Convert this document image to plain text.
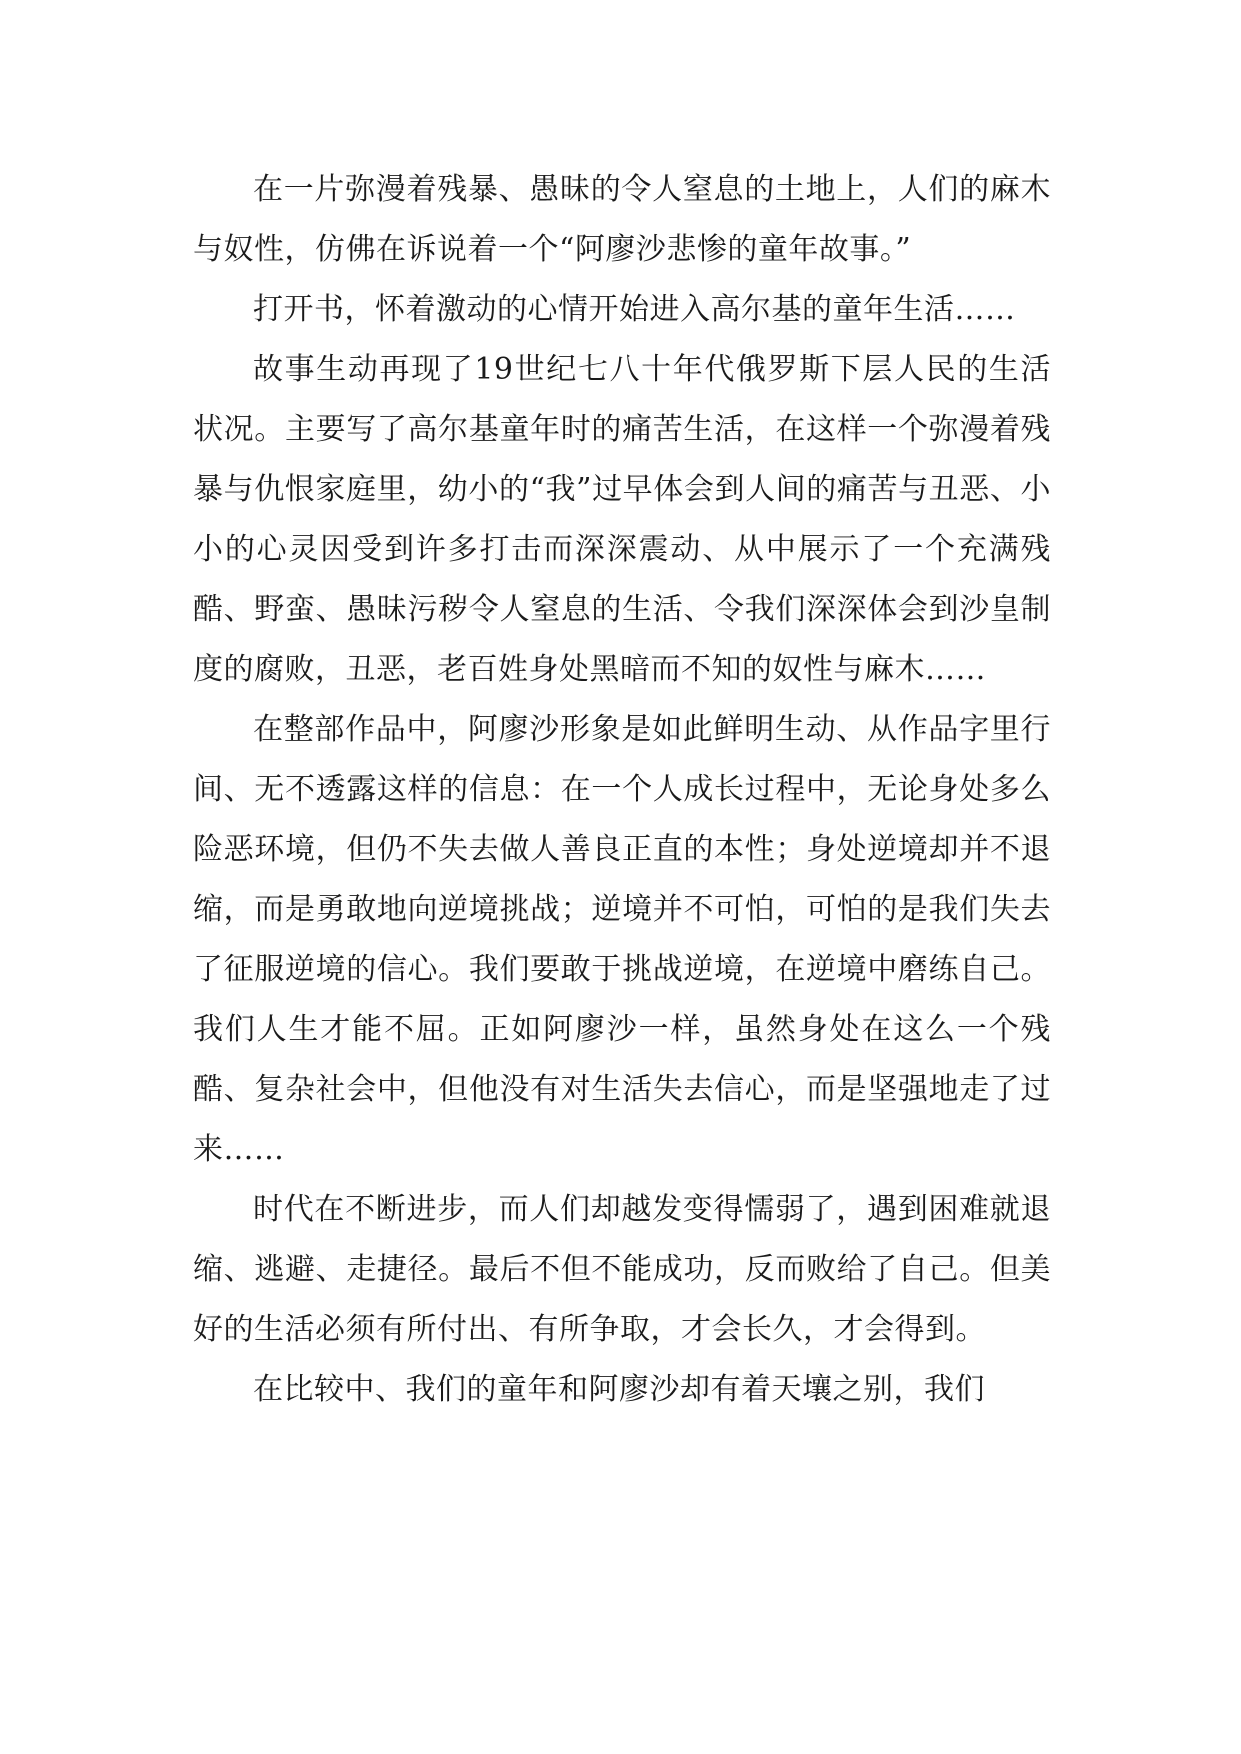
在一片弥漫着残暴、愚昧的令人窒息的土地上，人们的麻木与奴性，仿佛在诉说着一个“阿廖沙悲惨的童年故事。”

打开书，怀着激动的心情开始进入高尔基的童年生活……

故事生动再现了19世纪七八十年代俄罗斯下层人民的生活状况。主要写了高尔基童年时的痛苦生活，在这样一个弥漫着残暴与仇恨家庭里，幼小的“我”过早体会到人间的痛苦与丑恶、小小的心灵因受到许多打击而深深震动、从中展示了一个充满残酷、野蛮、愚昧污秽令人窒息的生活、令我们深深体会到沙皇制度的腐败，丑恶，老百姓身处黑暗而不知的奴性与麻木……

在整部作品中，阿廖沙形象是如此鲜明生动、从作品字里行间、无不透露这样的信息：在一个人成长过程中，无论身处多么险恶环境，但仍不失去做人善良正直的本性；身处逆境却并不退缩，而是勇敢地向逆境挑战；逆境并不可怕，可怕的是我们失去了征服逆境的信心。我们要敢于挑战逆境，在逆境中磨练自己。我们人生才能不屈。正如阿廖沙一样，虽然身处在这么一个残酷、复杂社会中，但他没有对生活失去信心，而是坚强地走了过来……

时代在不断进步，而人们却越发变得懦弱了，遇到困难就退缩、逃避、走捷径。最后不但不能成功，反而败给了自己。但美好的生活必须有所付出、有所争取，才会长久，才会得到。

在比较中、我们的童年和阿廖沙却有着天壤之别，我们
